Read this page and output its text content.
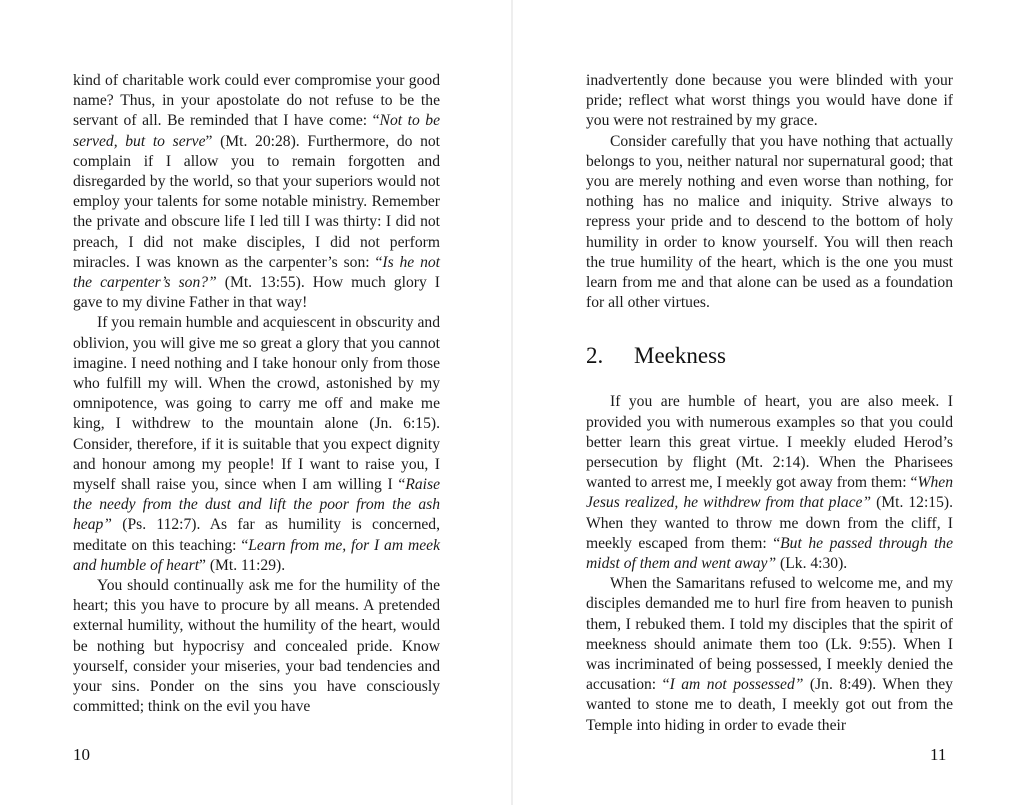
kind of charitable work could ever compromise your good name? Thus, in your apostolate do not refuse to be the servant of all. Be reminded that I have come: “Not to be served, but to serve” (Mt. 20:28). Furthermore, do not complain if I allow you to remain forgotten and disregarded by the world, so that your superiors would not employ your talents for some notable ministry. Remember the private and obscure life I led till I was thirty: I did not preach, I did not make disciples, I did not perform miracles. I was known as the carpenter’s son: “Is he not the carpenter’s son?” (Mt. 13:55). How much glory I gave to my divine Father in that way!

If you remain humble and acquiescent in obscurity and oblivion, you will give me so great a glory that you cannot imagine. I need nothing and I take honour only from those who fulfill my will. When the crowd, astonished by my omnipotence, was going to carry me off and make me king, I withdrew to the mountain alone (Jn. 6:15). Consider, therefore, if it is suitable that you expect dignity and honour among my people! If I want to raise you, I myself shall raise you, since when I am willing I “Raise the needy from the dust and lift the poor from the ash heap” (Ps. 112:7). As far as humility is concerned, meditate on this teaching: “Learn from me, for I am meek and humble of heart” (Mt. 11:29).

You should continually ask me for the humility of the heart; this you have to procure by all means. A pretended external humility, without the humility of the heart, would be nothing but hypocrisy and concealed pride. Know yourself, consider your miseries, your bad tendencies and your sins. Ponder on the sins you have consciously committed; think on the evil you have

10

inadvertently done because you were blinded with your pride; reflect what worst things you would have done if you were not restrained by my grace.

Consider carefully that you have nothing that actually belongs to you, neither natural nor supernatural good; that you are merely nothing and even worse than nothing, for nothing has no malice and iniquity. Strive always to repress your pride and to descend to the bottom of holy humility in order to know yourself. You will then reach the true humility of the heart, which is the one you must learn from me and that alone can be used as a foundation for all other virtues.

2.	Meekness

If you are humble of heart, you are also meek. I provided you with numerous examples so that you could better learn this great virtue. I meekly eluded Herod’s persecution by flight (Mt. 2:14). When the Pharisees wanted to arrest me, I meekly got away from them: “When Jesus realized, he withdrew from that place” (Mt. 12:15). When they wanted to throw me down from the cliff, I meekly escaped from them: “But he passed through the midst of them and went away” (Lk. 4:30).

When the Samaritans refused to welcome me, and my disciples demanded me to hurl fire from heaven to punish them, I rebuked them. I told my disciples that the spirit of meekness should animate them too (Lk. 9:55). When I was incriminated of being possessed, I meekly denied the accusation: “I am not possessed” (Jn. 8:49). When they wanted to stone me to death, I meekly got out from the Temple into hiding in order to evade their

11
